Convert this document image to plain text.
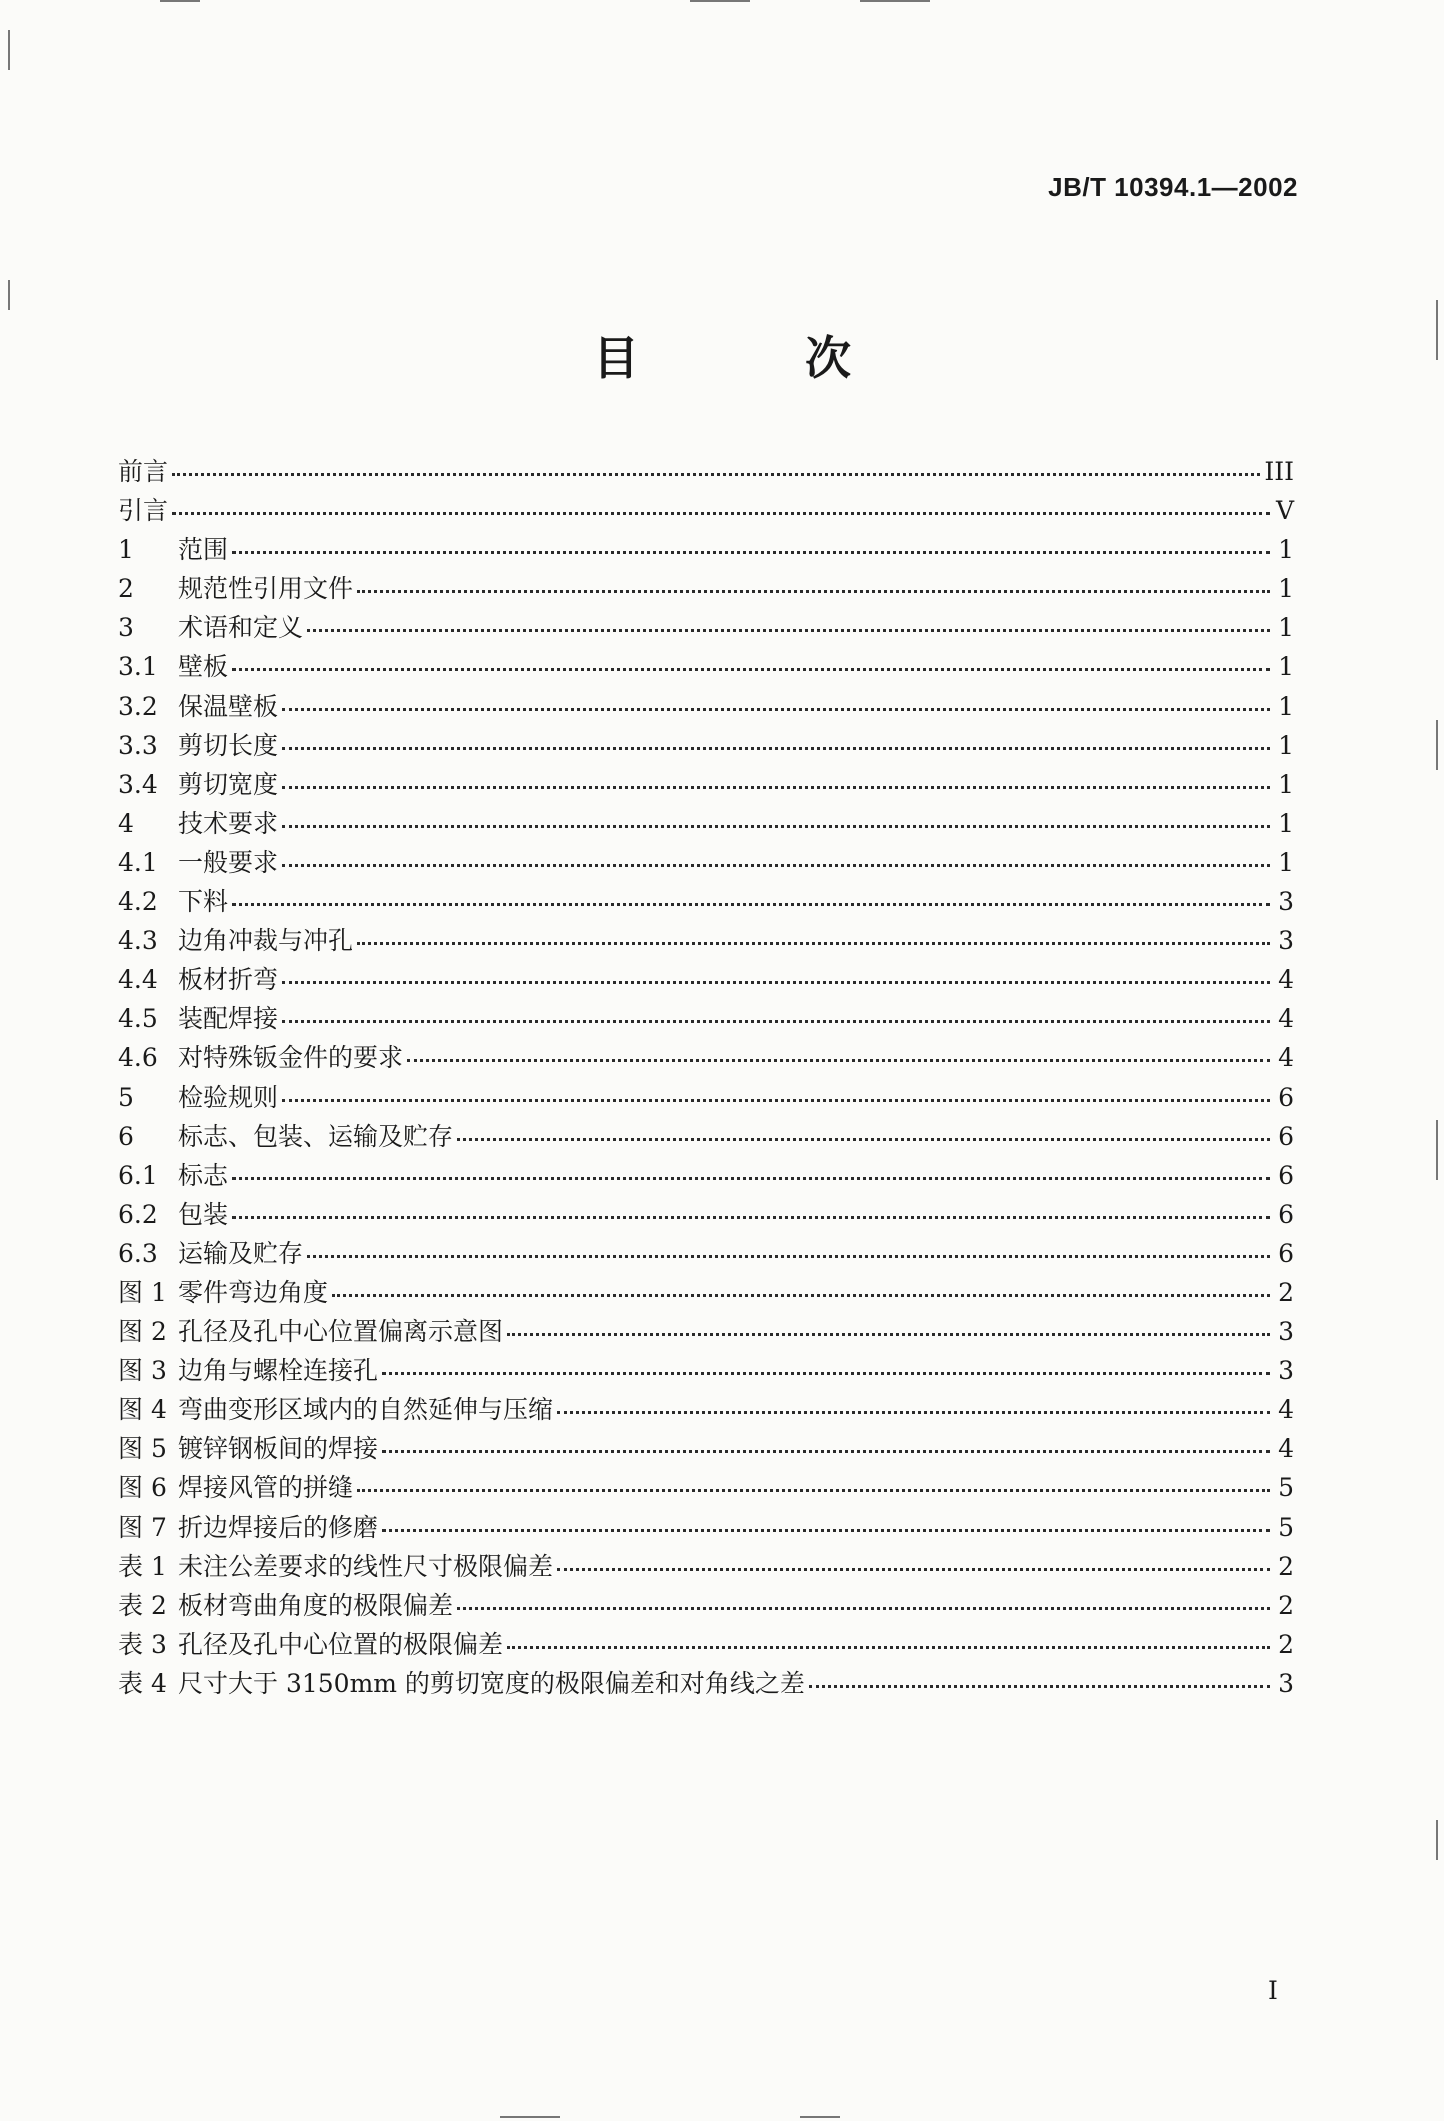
JB/T 10394.1—2002
目　次
前言	III
引言	V
1	范围	1
2	规范性引用文件	1
3	术语和定义	1
3.1 壁板	1
3.2 保温壁板	1
3.3 剪切长度	1
3.4 剪切宽度	1
4	技术要求	1
4.1 一般要求	1
4.2 下料	3
4.3 边角冲裁与冲孔	3
4.4 板材折弯	4
4.5 装配焊接	4
4.6 对特殊钣金件的要求	4
5	检验规则	6
6	标志、包装、运输及贮存	6
6.1 标志	6
6.2 包装	6
6.3 运输及贮存	6
图 1 零件弯边角度	2
图 2 孔径及孔中心位置偏离示意图	3
图 3 边角与螺栓连接孔	3
图 4 弯曲变形区域内的自然延伸与压缩	4
图 5 镀锌钢板间的焊接	4
图 6 焊接风管的拼缝	5
图 7 折边焊接后的修磨	5
表 1 未注公差要求的线性尺寸极限偏差	2
表 2 板材弯曲角度的极限偏差	2
表 3 孔径及孔中心位置的极限偏差	2
表 4 尺寸大于 3150mm 的剪切宽度的极限偏差和对角线之差	3
I
